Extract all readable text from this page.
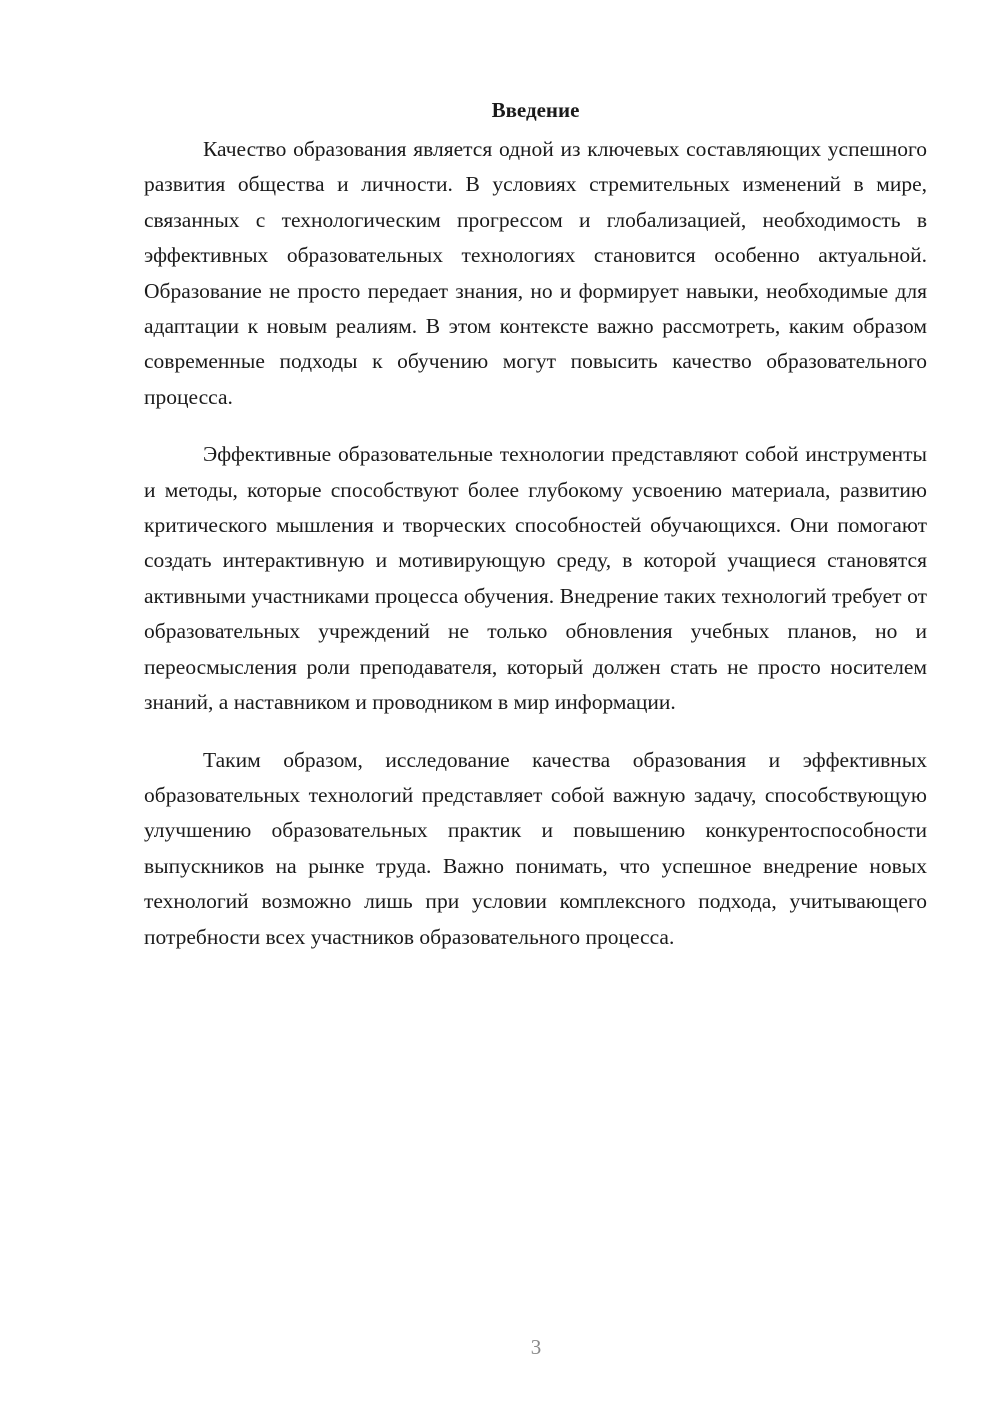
Введение

Качество образования является одной из ключевых составляющих успешного развития общества и личности. В условиях стремительных изменений в мире, связанных с технологическим прогрессом и глобализацией, необходимость в эффективных образовательных технологиях становится особенно актуальной. Образование не просто передает знания, но и формирует навыки, необходимые для адаптации к новым реалиям. В этом контексте важно рассмотреть, каким образом современные подходы к обучению могут повысить качество образовательного процесса.

Эффективные образовательные технологии представляют собой инструменты и методы, которые способствуют более глубокому усвоению материала, развитию критического мышления и творческих способностей обучающихся. Они помогают создать интерактивную и мотивирующую среду, в которой учащиеся становятся активными участниками процесса обучения. Внедрение таких технологий требует от образовательных учреждений не только обновления учебных планов, но и переосмысления роли преподавателя, который должен стать не просто носителем знаний, а наставником и проводником в мир информации.

Таким образом, исследование качества образования и эффективных образовательных технологий представляет собой важную задачу, способствующую улучшению образовательных практик и повышению конкурентоспособности выпускников на рынке труда. Важно понимать, что успешное внедрение новых технологий возможно лишь при условии комплексного подхода, учитывающего потребности всех участников образовательного процесса.

3
